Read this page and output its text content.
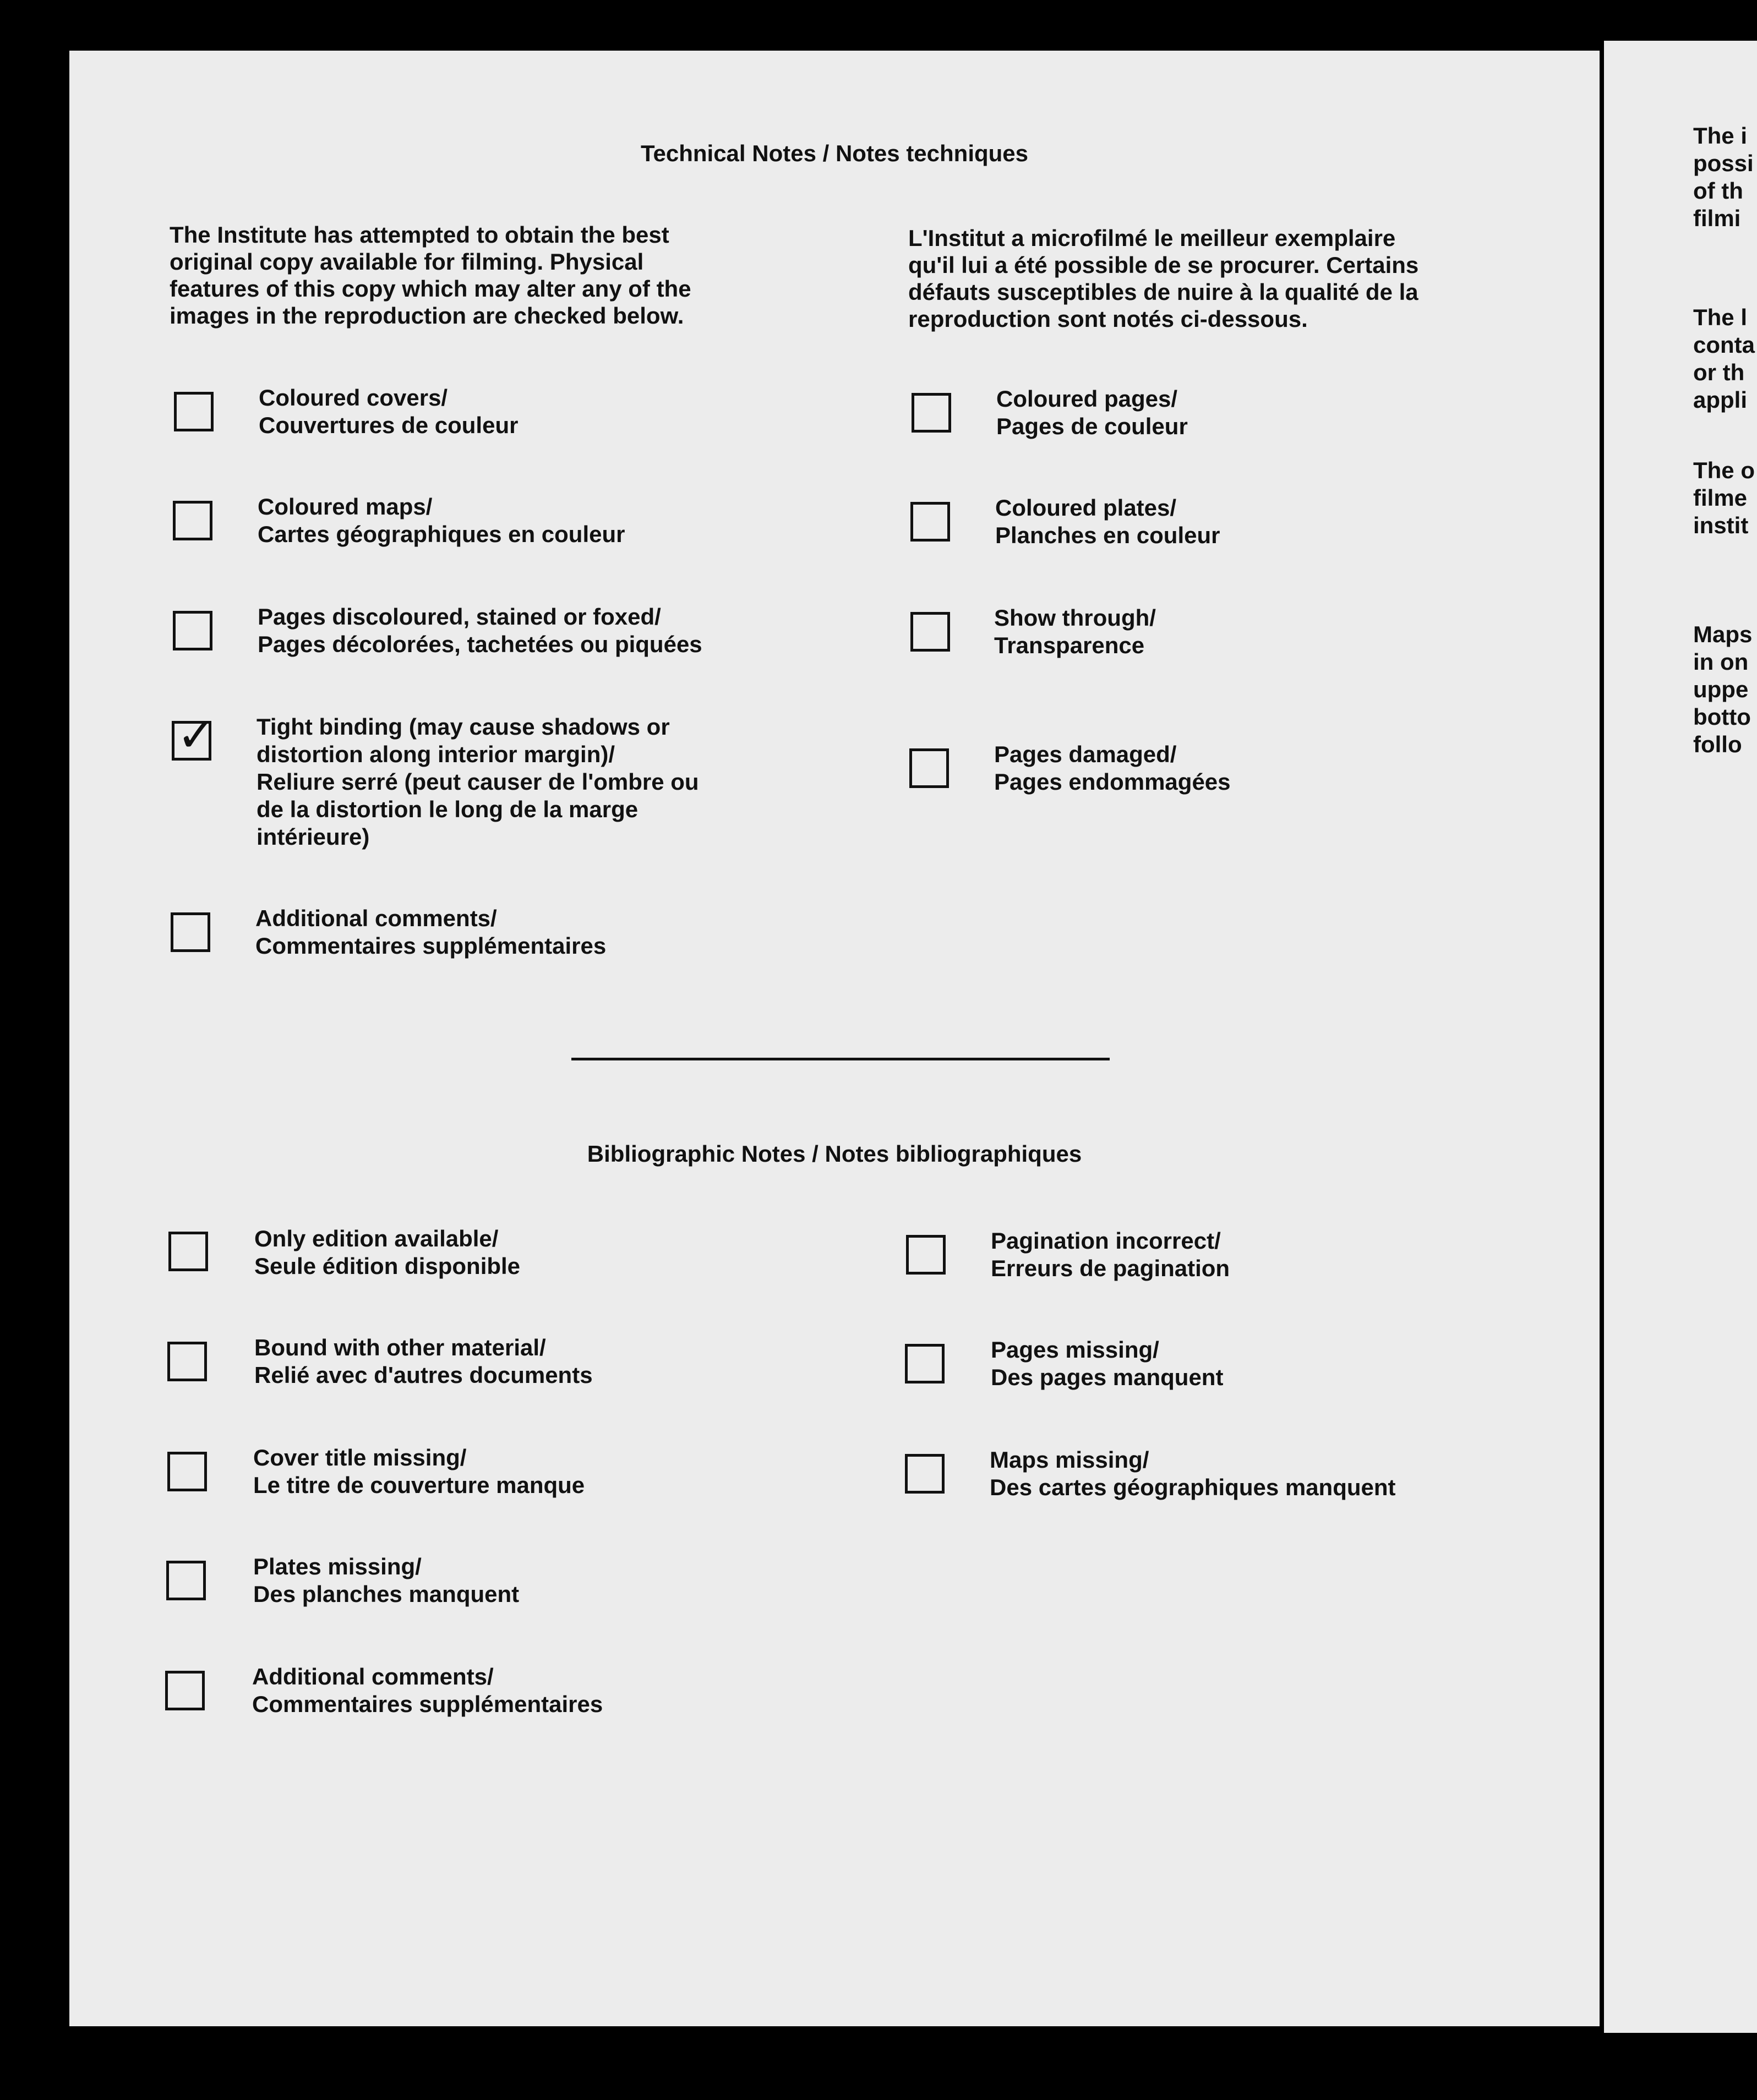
Technical Notes / Notes techniques
The Institute has attempted to obtain the best
original copy available for filming. Physical
features of this copy which may alter any of the
images in the reproduction are checked below.
L'Institut a microfilmé le meilleur exemplaire
qu'il lui a été possible de se procurer. Certains
défauts susceptibles de nuire à la qualité de la
reproduction sont notés ci-dessous.
Coloured covers/
Couvertures de couleur
Coloured maps/
Cartes géographiques en couleur
Pages discoloured, stained or foxed/
Pages décolorées, tachetées ou piquées
✓ Tight binding (may cause shadows or
distortion along interior margin)/
Reliure serré (peut causer de l'ombre ou
de la distortion le long de la marge
intérieure)
Additional comments/
Commentaires supplémentaires
Coloured pages/
Pages de couleur
Coloured plates/
Planches en couleur
Show through/
Transparence
Pages damaged/
Pages endommagées
Bibliographic Notes / Notes bibliographiques
Only edition available/
Seule édition disponible
Bound with other material/
Relié avec d'autres documents
Cover title missing/
Le titre de couverture manque
Plates missing/
Des planches manquent
Additional comments/
Commentaires supplémentaires
Pagination incorrect/
Erreurs de pagination
Pages missing/
Des pages manquent
Maps missing/
Des cartes géographiques manquent
The i
possi
of th
filmi
The l
conta
or th
appli
The o
filme
instit
Maps
in on
uppe
botto
follo
